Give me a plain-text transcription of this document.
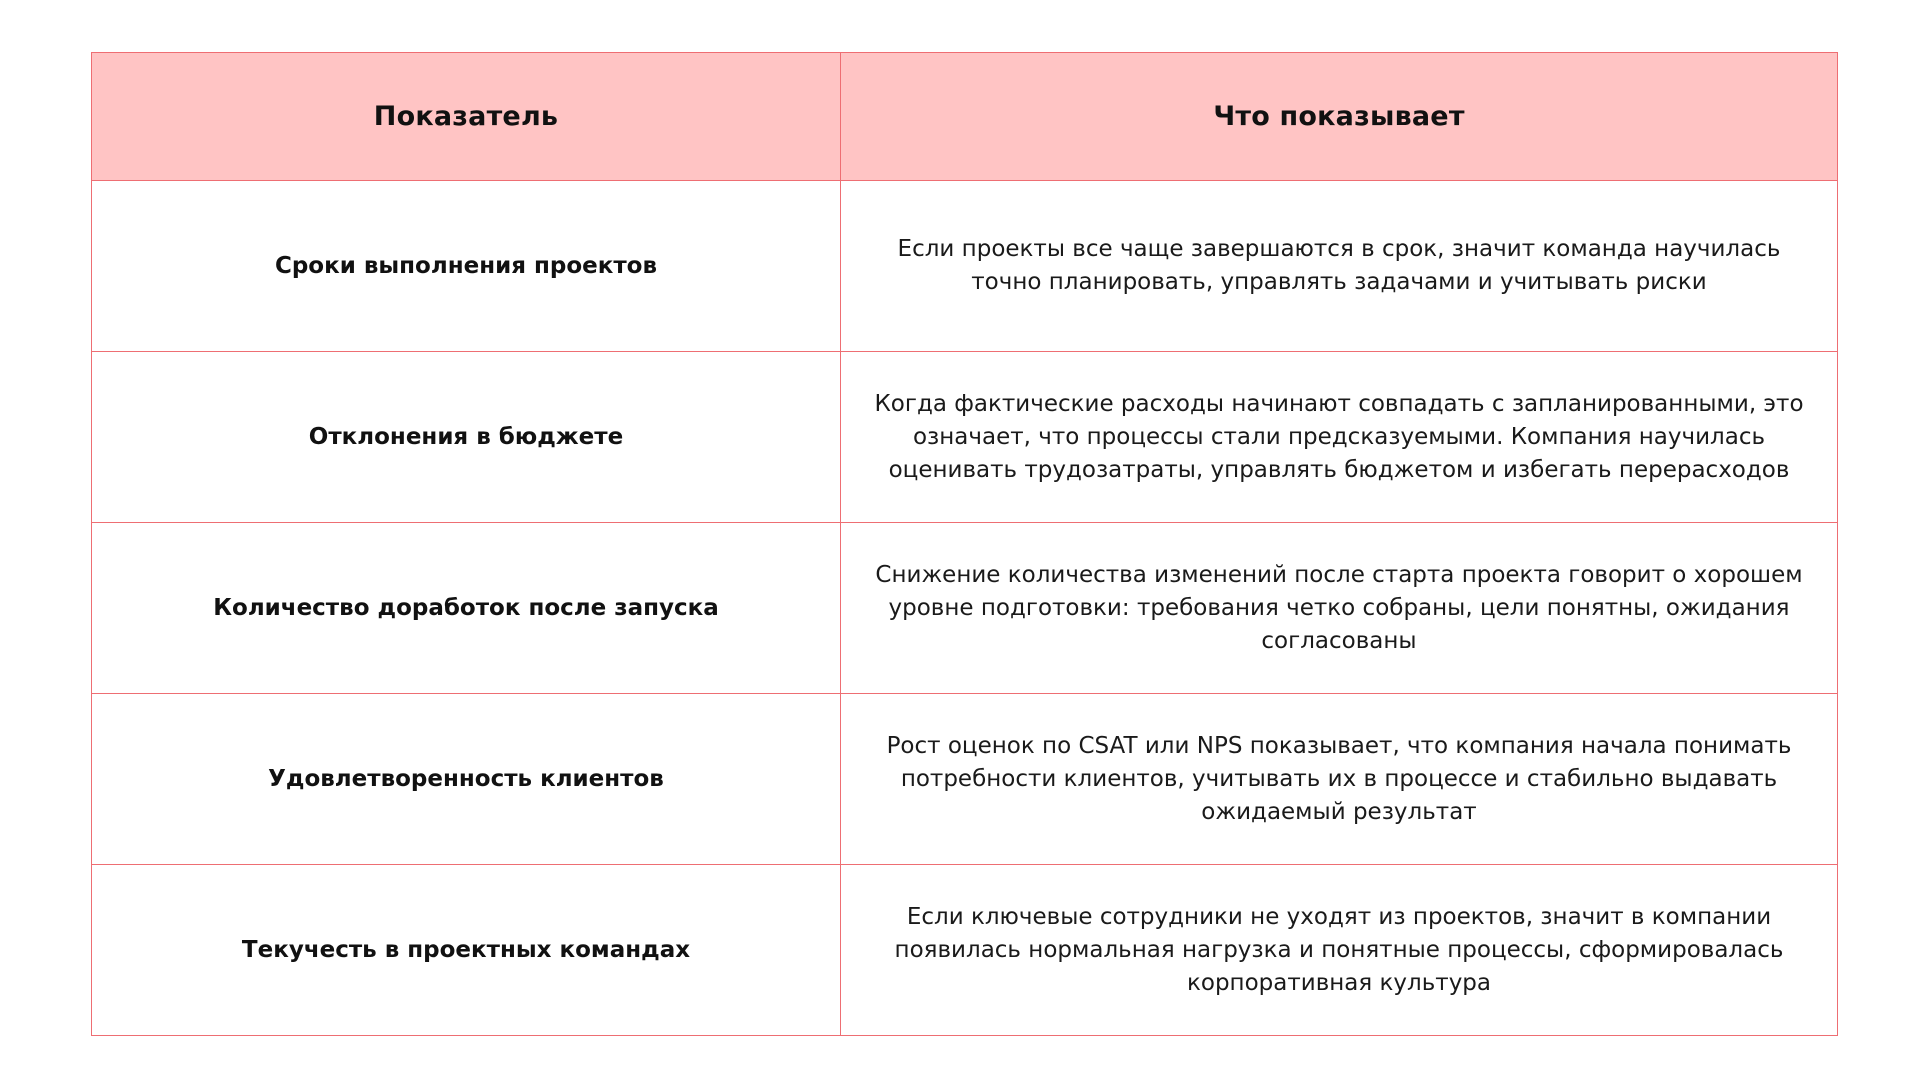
Показатель	Что показывает
Сроки выполнения проектов	Если проекты все чаще завершаются в срок, значит команда научилась точно планировать, управлять задачами и учитывать риски
Отклонения в бюджете	Когда фактические расходы начинают совпадать с запланированными, это означает, что процессы стали предсказуемыми. Компания научилась оценивать трудозатраты, управлять бюджетом и избегать перерасходов
Количество доработок после запуска	Снижение количества изменений после старта проекта говорит о хорошем уровне подготовки: требования четко собраны, цели понятны, ожидания согласованы
Удовлетворенность клиентов	Рост оценок по CSAT или NPS показывает, что компания начала понимать потребности клиентов, учитывать их в процессе и стабильно выдавать ожидаемый результат
Текучесть в проектных командах	Если ключевые сотрудники не уходят из проектов, значит в компании появилась нормальная нагрузка и понятные процессы, сформировалась корпоративная культура
